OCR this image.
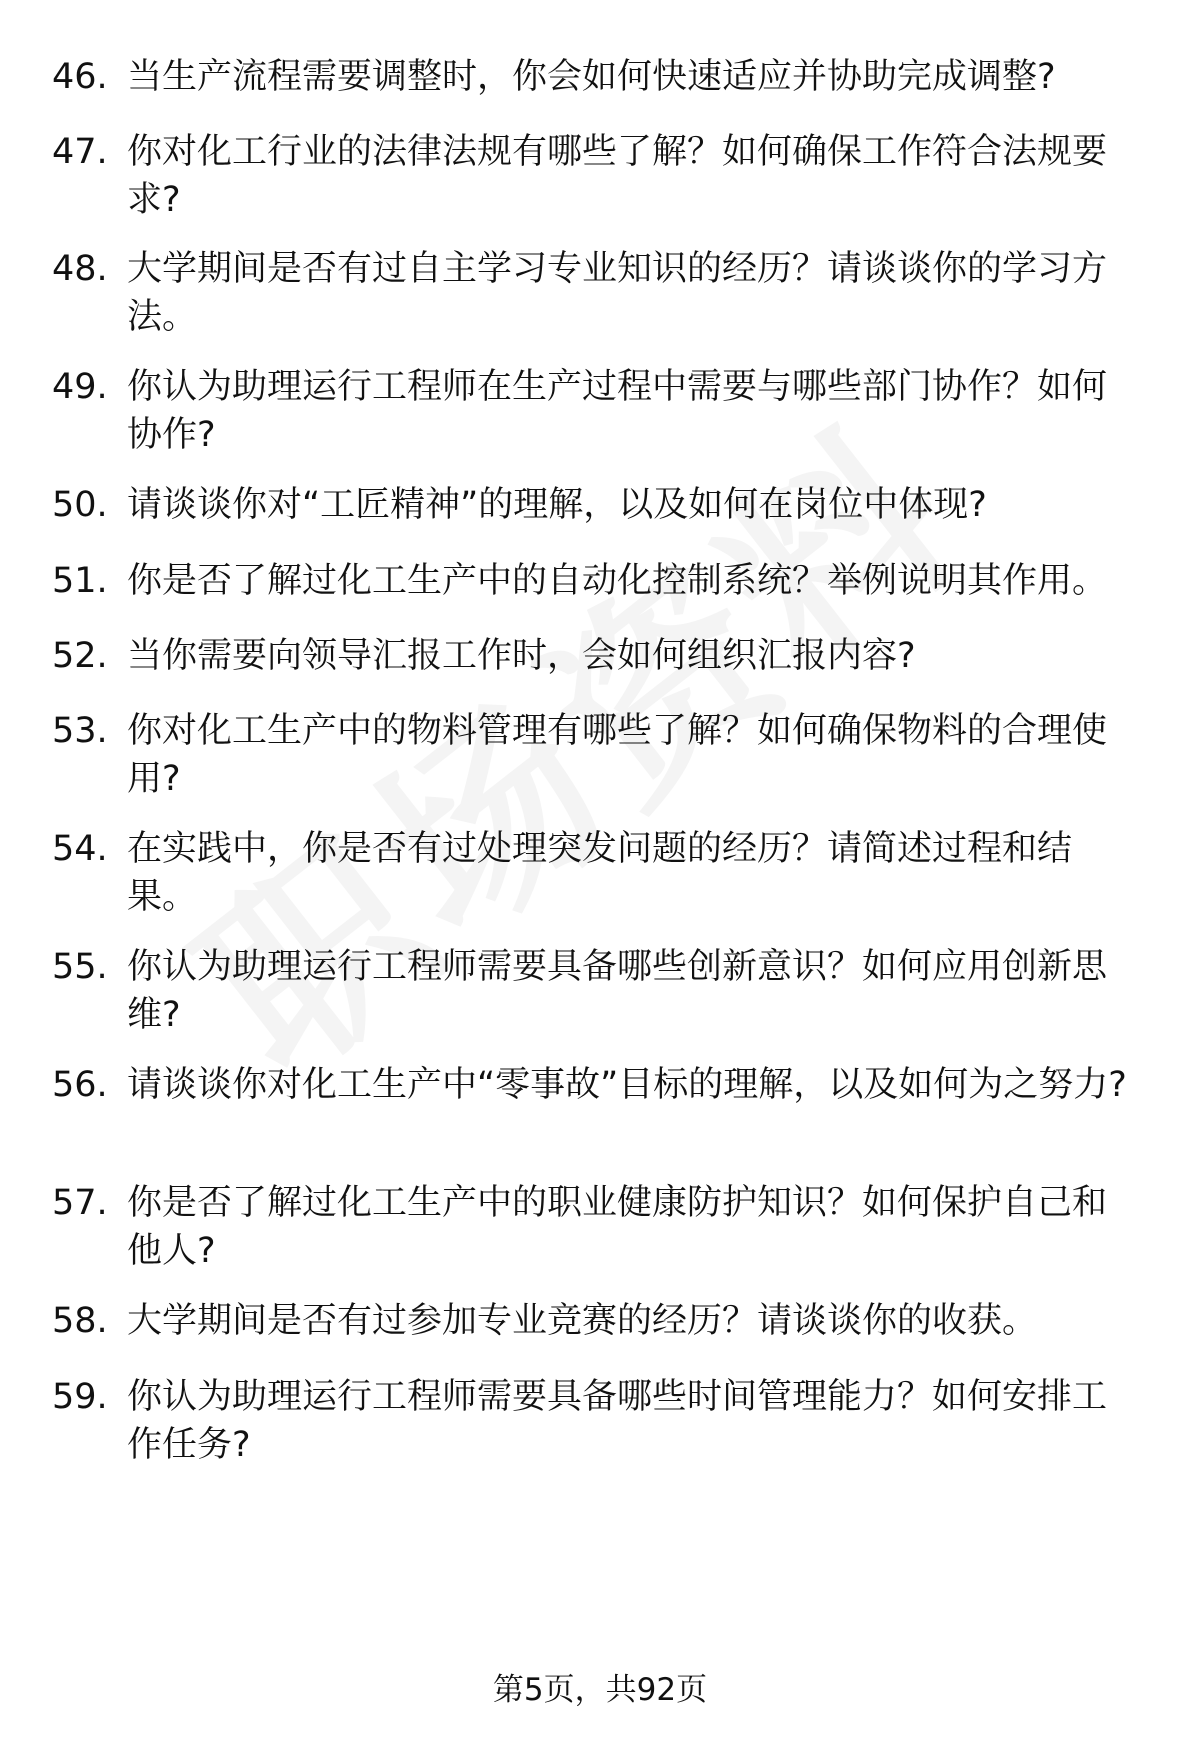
46. 当生产流程需要调整时，你会如何快速适应并协助完成调整?
47. 你对化工行业的法律法规有哪些了解？如何确保工作符合法规要求?
48. 大学期间是否有过自主学习专业知识的经历？请谈谈你的学习方法。
49. 你认为助理运行工程师在生产过程中需要与哪些部门协作？如何协作?
50. 请谈谈你对“工匠精神”的理解，以及如何在岗位中体现?
51. 你是否了解过化工生产中的自动化控制系统？举例说明其作用。
52. 当你需要向领导汇报工作时，会如何组织汇报内容?
53. 你对化工生产中的物料管理有哪些了解？如何确保物料的合理使用?
54. 在实践中，你是否有过处理突发问题的经历？请简述过程和结果。
55. 你认为助理运行工程师需要具备哪些创新意识？如何应用创新思维?
56. 请谈谈你对化工生产中“零事故”目标的理解，以及如何为之努力?
57. 你是否了解过化工生产中的职业健康防护知识？如何保护自己和他人?
58. 大学期间是否有过参加专业竞赛的经历？请谈谈你的收获。
59. 你认为助理运行工程师需要具备哪些时间管理能力？如何安排工作任务?
第5页，共92页
